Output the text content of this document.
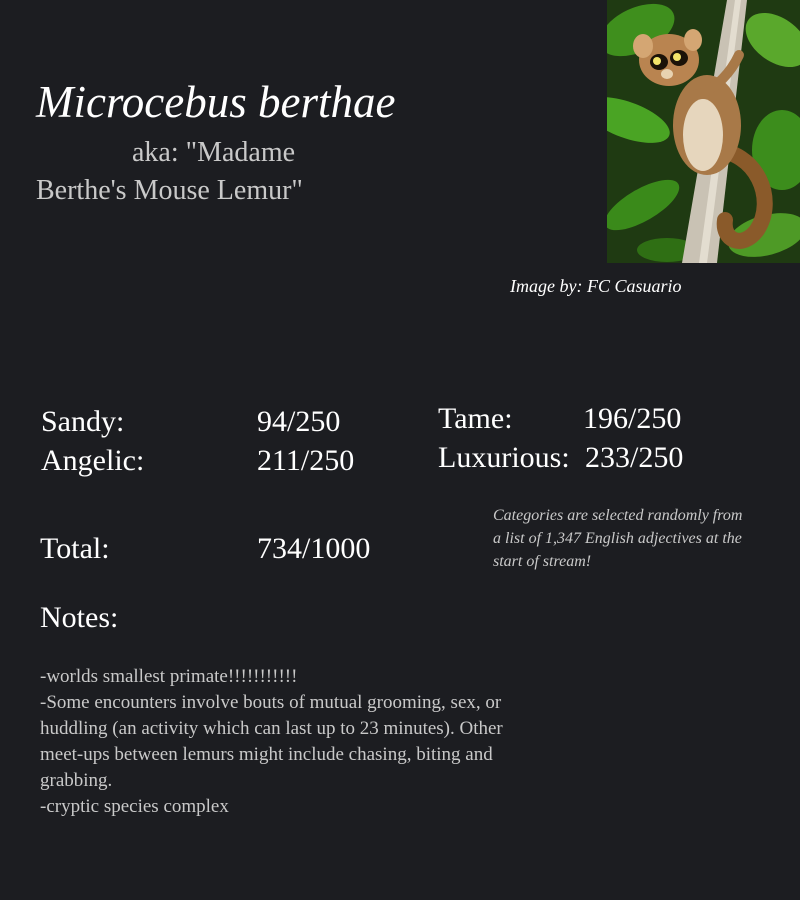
Microcebus berthae
aka: "Madame
Berthe's Mouse Lemur"
Image by: FC Casuario
Sandy:	94/250
Angelic:	211/250
Tame: 196/250
Luxurious: 233/250
Total:	734/1000
Categories are selected randomly from a list of 1,347 English adjectives at the start of stream!
Notes:
-worlds smallest primate!!!!!!!!!!!
-Some encounters involve bouts of mutual grooming, sex, or huddling (an activity which can last up to 23 minutes). Other meet-ups between lemurs might include chasing, biting and grabbing.
-cryptic species complex
